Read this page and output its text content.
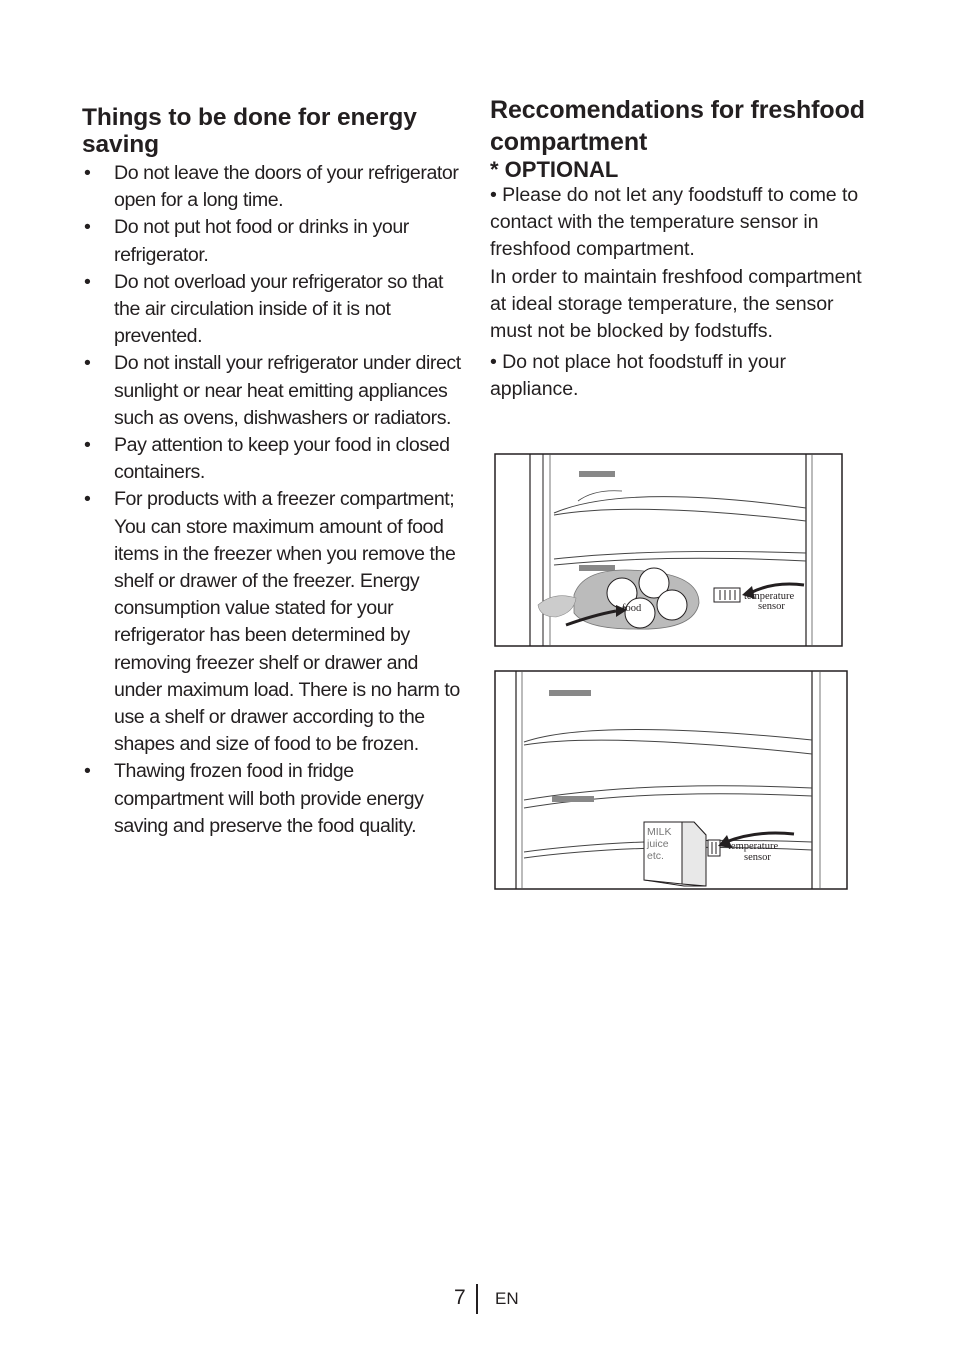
Things to be done for energy saving
• Do not leave the doors of your refrigerator open for a long time.
• Do not put hot food or drinks in your refrigerator.
• Do not overload your refrigerator so that the air circulation inside of it is not prevented.
• Do not install your refrigerator under direct sunlight or near heat emitting appliances such as ovens, dishwashers or radiators.
• Pay attention to keep your food in closed containers.
• For products with a freezer compartment; You can store maximum amount of food items in the freezer when you remove the shelf or drawer of the freezer. Energy consumption value stated for your refrigerator has been determined by removing freezer shelf or drawer and under maximum load. There is no harm to use a shelf or drawer according to the shapes and size of food to be frozen.
• Thawing frozen food in fridge compartment will both provide energy saving and preserve the food quality.
Reccomendations for freshfood compartment

* OPTIONAL

• Please do not let any foodstuff to come to contact with the temperature sensor in freshfood compartment.
In order to maintain freshfood compartment at ideal storage temperature, the sensor must not be blocked by fodstuffs.

• Do not place hot foodstuff in your appliance.

food
temperature
sensor
MILK
juice
etc.
temperature
sensor
7 EN
